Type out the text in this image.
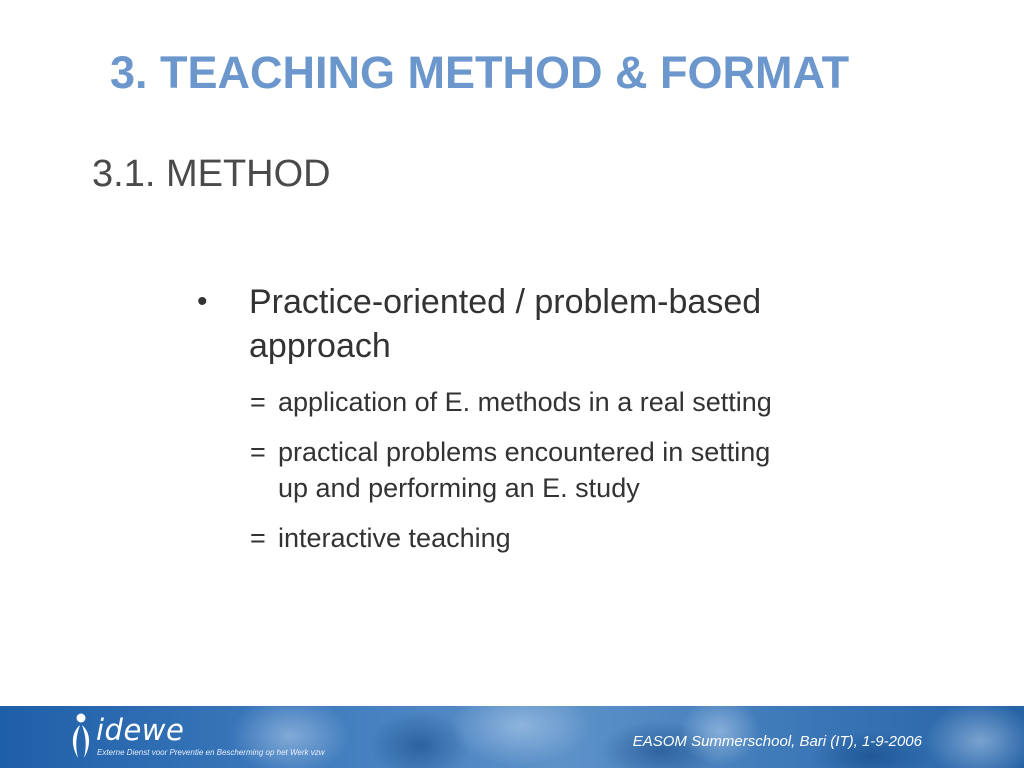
3. TEACHING METHOD & FORMAT
3.1. METHOD
•	Practice-oriented / problem-based
approach
= application of E. methods in a real setting
= practical problems encountered in setting
up and performing an E. study
= interactive teaching
idewe
Externe Dienst voor Preventie en Bescherming op het Werk vzw
EASOM Summerschool, Bari (IT), 1-9-2006
